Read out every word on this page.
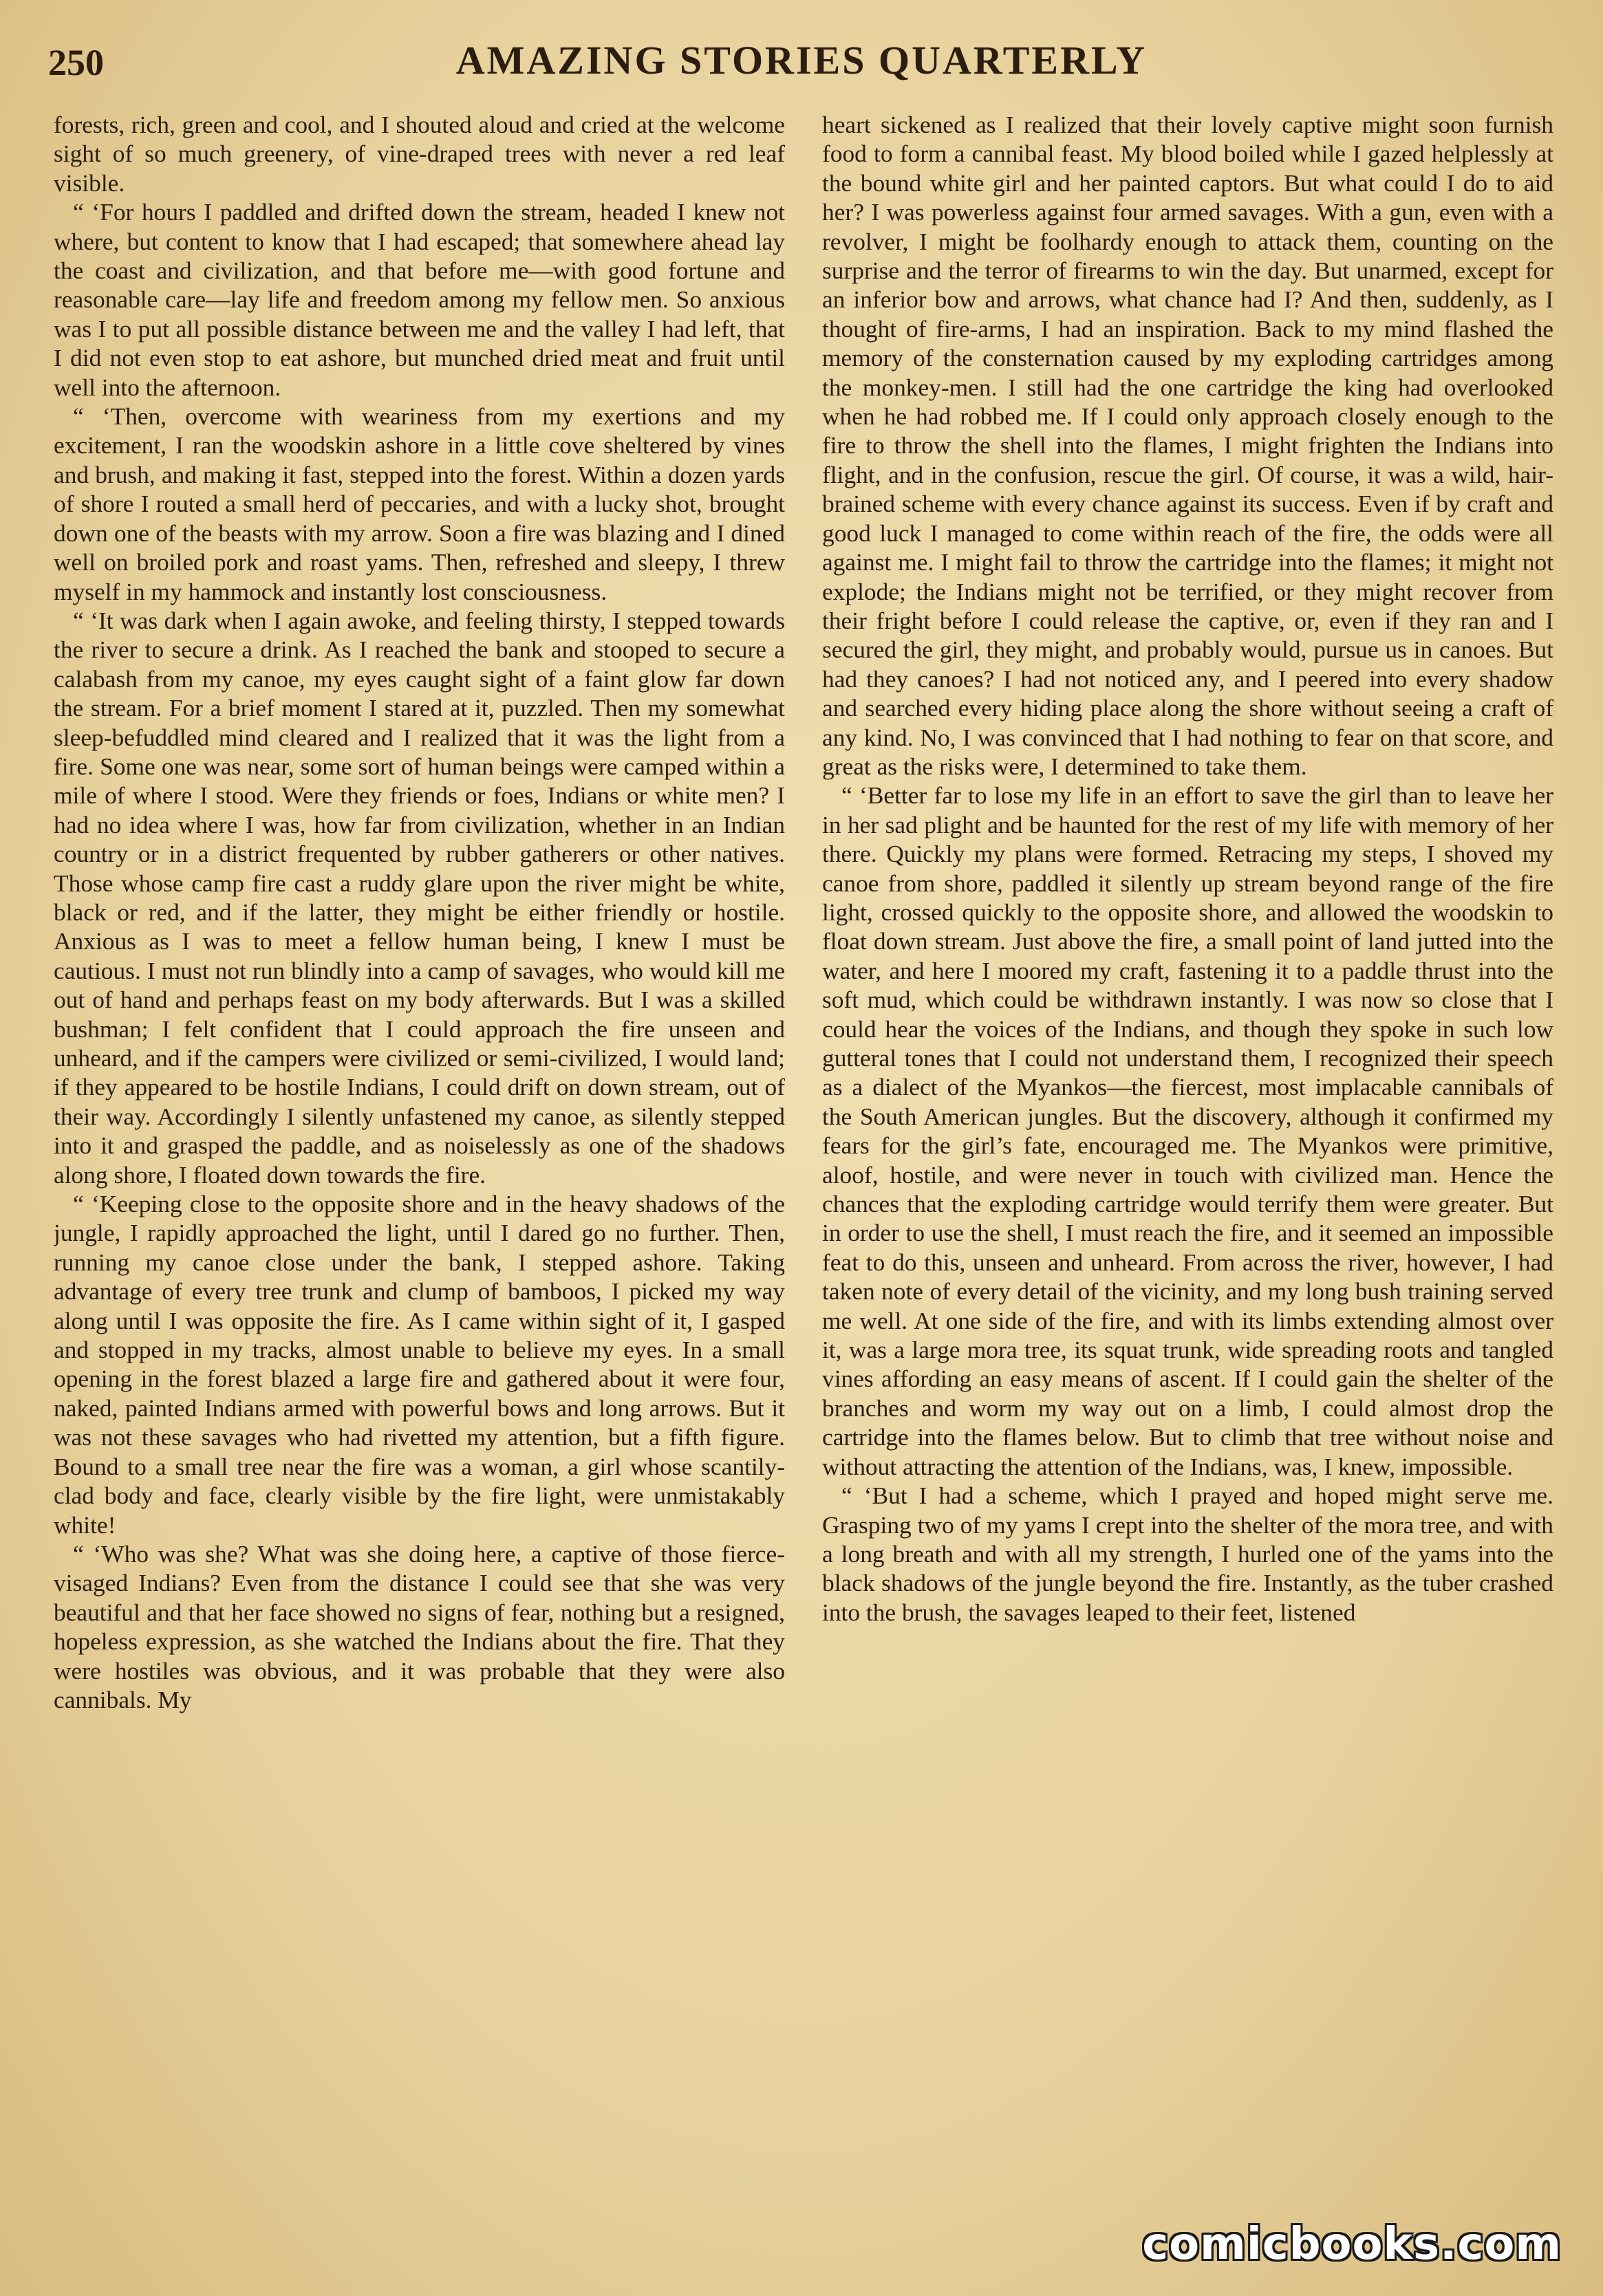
250	AMAZING STORIES QUARTERLY

forests, rich, green and cool, and I shouted aloud and cried at the welcome sight of so much greenery, of vine-draped trees with never a red leaf visible.

“ ‘For hours I paddled and drifted down the stream, headed I knew not where, but content to know that I had escaped; that somewhere ahead lay the coast and civilization, and that before me—with good fortune and reasonable care—lay life and freedom among my fellow men. So anxious was I to put all possible distance between me and the valley I had left, that I did not even stop to eat ashore, but munched dried meat and fruit until well into the afternoon.

“ ‘Then, overcome with weariness from my exertions and my excitement, I ran the woodskin ashore in a little cove sheltered by vines and brush, and making it fast, stepped into the forest. Within a dozen yards of shore I routed a small herd of peccaries, and with a lucky shot, brought down one of the beasts with my arrow. Soon a fire was blazing and I dined well on broiled pork and roast yams. Then, refreshed and sleepy, I threw myself in my hammock and instantly lost consciousness.

“ ‘It was dark when I again awoke, and feeling thirsty, I stepped towards the river to secure a drink. As I reached the bank and stooped to secure a calabash from my canoe, my eyes caught sight of a faint glow far down the stream. For a brief moment I stared at it, puzzled. Then my somewhat sleep-befuddled mind cleared and I realized that it was the light from a fire. Some one was near, some sort of human beings were camped within a mile of where I stood. Were they friends or foes, Indians or white men? I had no idea where I was, how far from civilization, whether in an Indian country or in a district frequented by rubber gatherers or other natives. Those whose camp fire cast a ruddy glare upon the river might be white, black or red, and if the latter, they might be either friendly or hostile. Anxious as I was to meet a fellow human being, I knew I must be cautious. I must not run blindly into a camp of savages, who would kill me out of hand and perhaps feast on my body afterwards. But I was a skilled bushman; I felt confident that I could approach the fire unseen and unheard, and if the campers were civilized or semi-civilized, I would land; if they appeared to be hostile Indians, I could drift on down stream, out of their way. Accordingly I silently unfastened my canoe, as silently stepped into it and grasped the paddle, and as noiselessly as one of the shadows along shore, I floated down towards the fire.

“ ‘Keeping close to the opposite shore and in the heavy shadows of the jungle, I rapidly approached the light, until I dared go no further. Then, running my canoe close under the bank, I stepped ashore. Taking advantage of every tree trunk and clump of bamboos, I picked my way along until I was opposite the fire. As I came within sight of it, I gasped and stopped in my tracks, almost unable to believe my eyes. In a small opening in the forest blazed a large fire and gathered about it were four, naked, painted Indians armed with powerful bows and long arrows. But it was not these savages who had rivetted my attention, but a fifth figure. Bound to a small tree near the fire was a woman, a girl whose scantily-clad body and face, clearly visible by the fire light, were unmistakably white!

“ ‘Who was she? What was she doing here, a captive of those fierce-visaged Indians? Even from the distance I could see that she was very beautiful and that her face showed no signs of fear, nothing but a resigned, hopeless expression, as she watched the Indians about the fire. That they were hostiles was obvious, and it was probable that they were also cannibals. My

heart sickened as I realized that their lovely captive might soon furnish food to form a cannibal feast. My blood boiled while I gazed helplessly at the bound white girl and her painted captors. But what could I do to aid her? I was powerless against four armed savages. With a gun, even with a revolver, I might be foolhardy enough to attack them, counting on the surprise and the terror of firearms to win the day. But unarmed, except for an inferior bow and arrows, what chance had I? And then, suddenly, as I thought of fire-arms, I had an inspiration. Back to my mind flashed the memory of the consternation caused by my exploding cartridges among the monkey-men. I still had the one cartridge the king had overlooked when he had robbed me. If I could only approach closely enough to the fire to throw the shell into the flames, I might frighten the Indians into flight, and in the confusion, rescue the girl. Of course, it was a wild, hair-brained scheme with every chance against its success. Even if by craft and good luck I managed to come within reach of the fire, the odds were all against me. I might fail to throw the cartridge into the flames; it might not explode; the Indians might not be terrified, or they might recover from their fright before I could release the captive, or, even if they ran and I secured the girl, they might, and probably would, pursue us in canoes. But had they canoes? I had not noticed any, and I peered into every shadow and searched every hiding place along the shore without seeing a craft of any kind. No, I was convinced that I had nothing to fear on that score, and great as the risks were, I determined to take them.

“ ‘Better far to lose my life in an effort to save the girl than to leave her in her sad plight and be haunted for the rest of my life with memory of her there. Quickly my plans were formed. Retracing my steps, I shoved my canoe from shore, paddled it silently up stream beyond range of the fire light, crossed quickly to the opposite shore, and allowed the woodskin to float down stream. Just above the fire, a small point of land jutted into the water, and here I moored my craft, fastening it to a paddle thrust into the soft mud, which could be withdrawn instantly. I was now so close that I could hear the voices of the Indians, and though they spoke in such low gutteral tones that I could not understand them, I recognized their speech as a dialect of the Myankos—the fiercest, most implacable cannibals of the South American jungles. But the discovery, although it confirmed my fears for the girl’s fate, encouraged me. The Myankos were primitive, aloof, hostile, and were never in touch with civilized man. Hence the chances that the exploding cartridge would terrify them were greater. But in order to use the shell, I must reach the fire, and it seemed an impossible feat to do this, unseen and unheard. From across the river, however, I had taken note of every detail of the vicinity, and my long bush training served me well. At one side of the fire, and with its limbs extending almost over it, was a large mora tree, its squat trunk, wide spreading roots and tangled vines affording an easy means of ascent. If I could gain the shelter of the branches and worm my way out on a limb, I could almost drop the cartridge into the flames below. But to climb that tree without noise and without attracting the attention of the Indians, was, I knew, impossible.

“ ‘But I had a scheme, which I prayed and hoped might serve me. Grasping two of my yams I crept into the shelter of the mora tree, and with a long breath and with all my strength, I hurled one of the yams into the black shadows of the jungle beyond the fire. Instantly, as the tuber crashed into the brush, the savages leaped to their feet, listened

comicbooks.com
